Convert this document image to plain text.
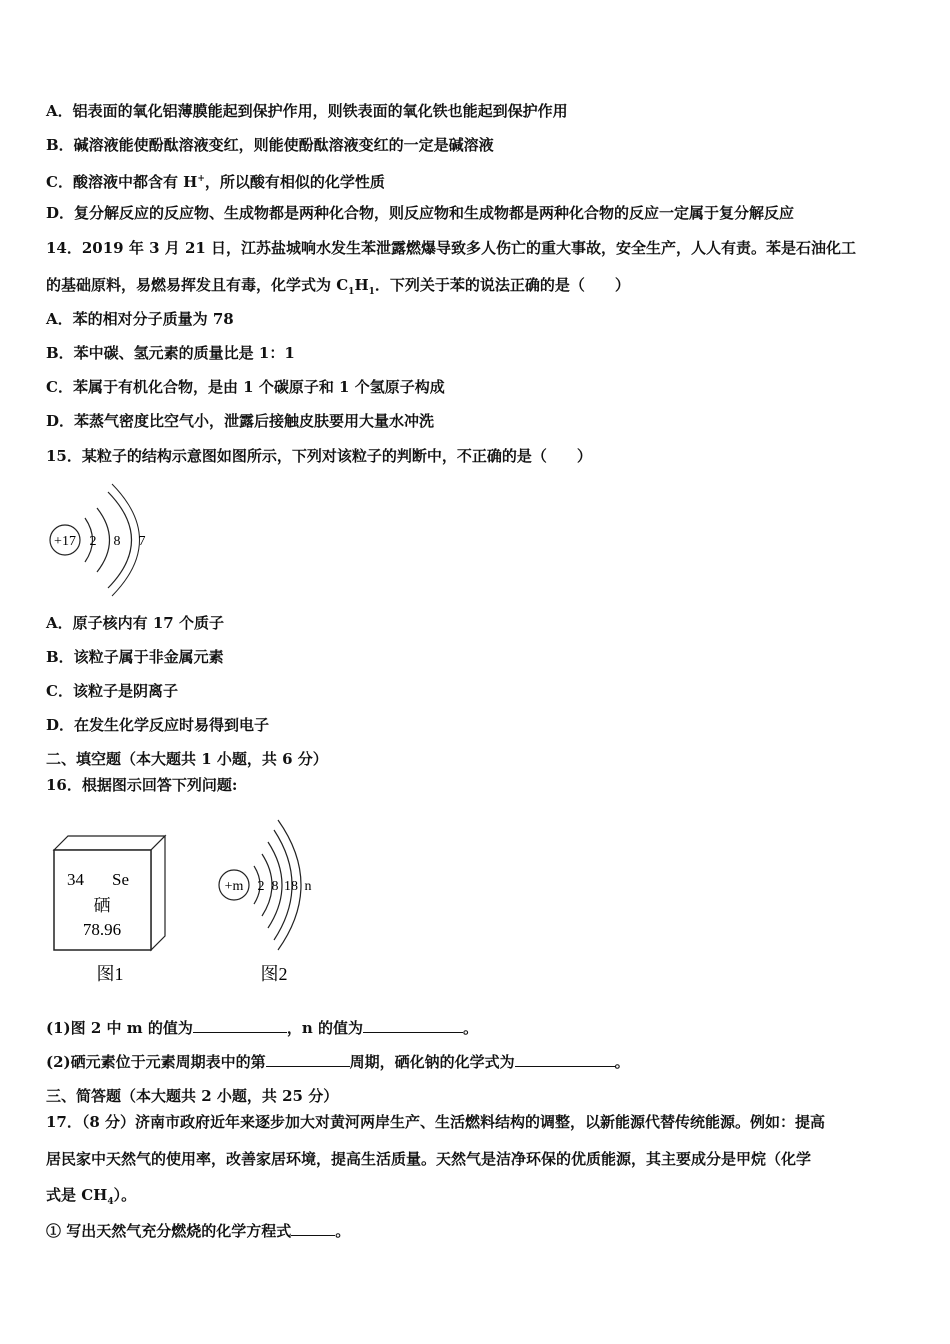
A．铝表面的氧化铝薄膜能起到保护作用，则铁表面的氧化铁也能起到保护作用
B．碱溶液能使酚酞溶液变红，则能使酚酞溶液变红的一定是碱溶液
C．酸溶液中都含有 H+，所以酸有相似的化学性质
D．复分解反应的反应物、生成物都是两种化合物，则反应物和生成物都是两种化合物的反应一定属于复分解反应
14．2019 年 3 月 21 日，江苏盐城响水发生苯泄露燃爆导致多人伤亡的重大事故，安全生产，人人有责。苯是石油化工
的基础原料，易燃易挥发且有毒，化学式为 $C_1H_1$．下列关于苯的说法正确的是（　　）
A．苯的相对分子质量为 78
B．苯中碳、氢元素的质量比是 1：1
C．苯属于有机化合物，是由 1 个碳原子和 1 个氢原子构成
D．苯蒸气密度比空气小，泄露后接触皮肤要用大量水冲洗
15．某粒子的结构示意图如图所示，下列对该粒子的判断中，不正确的是（　　）
+17 2 8 7
A．原子核内有 17 个质子
B．该粒子属于非金属元素
C．该粒子是阴离子
D．在发生化学反应时易得到电子
二、填空题（本大题共 1 小题，共 6 分）
16．根据图示回答下列问题:
34 Se
硒
78.96
图1
+m 2 8 18 n
图2
(1)图 2 中 m 的值为	，n 的值为	。
(2)硒元素位于元素周期表中的第	周期，硒化钠的化学式为	。
三、简答题（本大题共 2 小题，共 25 分）
17．（8 分）济南市政府近年来逐步加大对黄河两岸生产、生活燃料结构的调整，以新能源代替传统能源。例如：提高
居民家中天然气的使用率，改善家居环境，提高生活质量。天然气是洁净环保的优质能源，其主要成分是甲烷（化学
式是 $CH_4$）。
① 写出天然气充分燃烧的化学方程式	。
